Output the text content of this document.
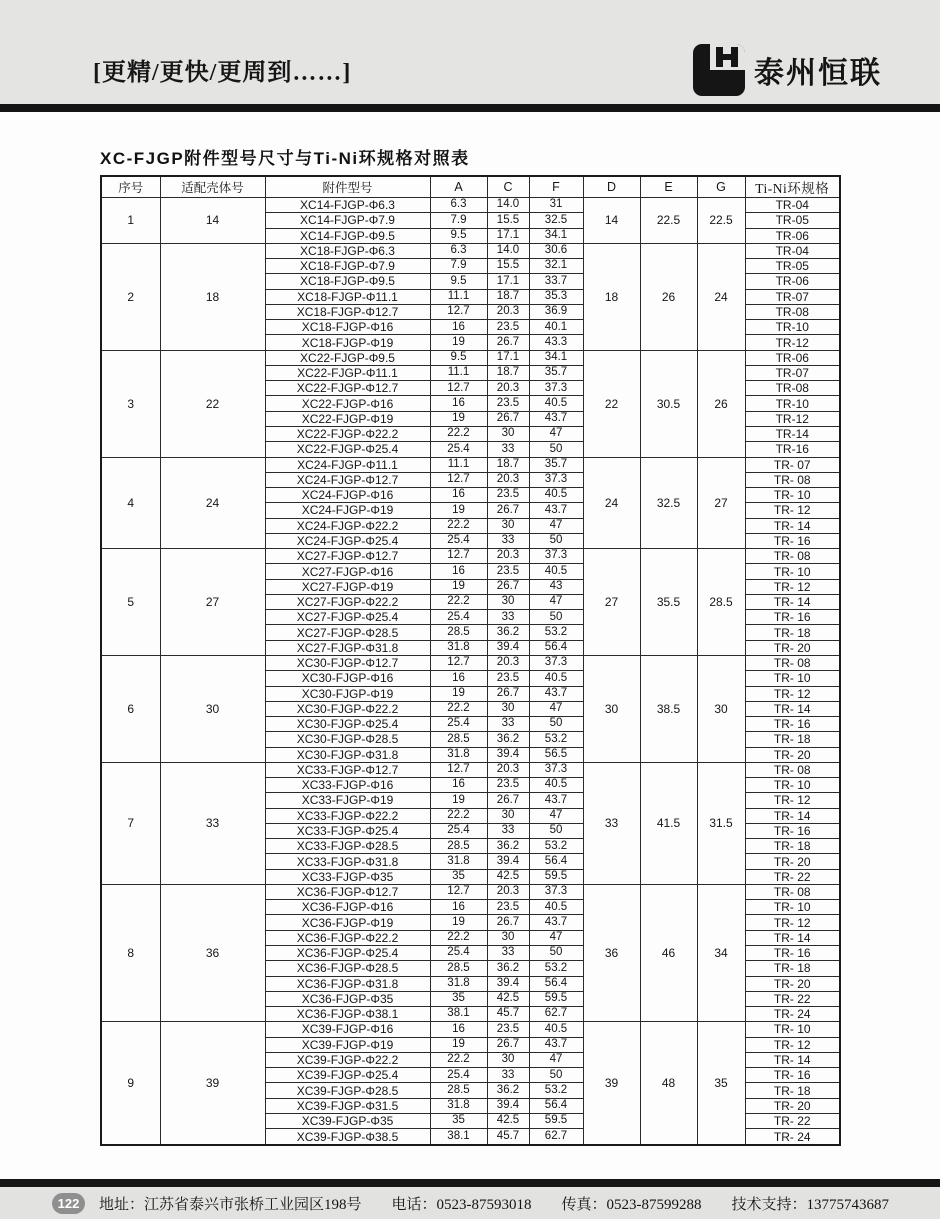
[更精/更快/更周到……]	泰州恒联
XC-FJGP附件型号尺寸与Ti-Ni环规格对照表
序号	适配壳体号	附件型号	A	C	F	D	E	G	Ti-Ni环规格
1	14	XC14-FJGP-Φ6.3	6.3	14.0	31	14	22.5	22.5	TR-04
		XC14-FJGP-Φ7.9	7.9	15.5	32.5				TR-05
		XC14-FJGP-Φ9.5	9.5	17.1	34.1				TR-06
2	18	XC18-FJGP-Φ6.3	6.3	14.0	30.6	18	26	24	TR-04
		XC18-FJGP-Φ7.9	7.9	15.5	32.1				TR-05
		XC18-FJGP-Φ9.5	9.5	17.1	33.7				TR-06
		XC18-FJGP-Φ11.1	11.1	18.7	35.3				TR-07
		XC18-FJGP-Φ12.7	12.7	20.3	36.9				TR-08
		XC18-FJGP-Φ16	16	23.5	40.1				TR-10
		XC18-FJGP-Φ19	19	26.7	43.3				TR-12
3	22	XC22-FJGP-Φ9.5	9.5	17.1	34.1	22	30.5	26	TR-06
		XC22-FJGP-Φ11.1	11.1	18.7	35.7				TR-07
		XC22-FJGP-Φ12.7	12.7	20.3	37.3				TR-08
		XC22-FJGP-Φ16	16	23.5	40.5				TR-10
		XC22-FJGP-Φ19	19	26.7	43.7				TR-12
		XC22-FJGP-Φ22.2	22.2	30	47				TR-14
		XC22-FJGP-Φ25.4	25.4	33	50				TR-16
4	24	XC24-FJGP-Φ11.1	11.1	18.7	35.7	24	32.5	27	TR- 07
		XC24-FJGP-Φ12.7	12.7	20.3	37.3				TR- 08
		XC24-FJGP-Φ16	16	23.5	40.5				TR- 10
		XC24-FJGP-Φ19	19	26.7	43.7				TR- 12
		XC24-FJGP-Φ22.2	22.2	30	47				TR- 14
		XC24-FJGP-Φ25.4	25.4	33	50				TR- 16
5	27	XC27-FJGP-Φ12.7	12.7	20.3	37.3	27	35.5	28.5	TR- 08
		XC27-FJGP-Φ16	16	23.5	40.5				TR- 10
		XC27-FJGP-Φ19	19	26.7	43				TR- 12
		XC27-FJGP-Φ22.2	22.2	30	47				TR- 14
		XC27-FJGP-Φ25.4	25.4	33	50				TR- 16
		XC27-FJGP-Φ28.5	28.5	36.2	53.2				TR- 18
		XC27-FJGP-Φ31.8	31.8	39.4	56.4				TR- 20
6	30	XC30-FJGP-Φ12.7	12.7	20.3	37.3	30	38.5	30	TR- 08
		XC30-FJGP-Φ16	16	23.5	40.5				TR- 10
		XC30-FJGP-Φ19	19	26.7	43.7				TR- 12
		XC30-FJGP-Φ22.2	22.2	30	47				TR- 14
		XC30-FJGP-Φ25.4	25.4	33	50				TR- 16
		XC30-FJGP-Φ28.5	28.5	36.2	53.2				TR- 18
		XC30-FJGP-Φ31.8	31.8	39.4	56.5				TR- 20
7	33	XC33-FJGP-Φ12.7	12.7	20.3	37.3	33	41.5	31.5	TR- 08
		XC33-FJGP-Φ16	16	23.5	40.5				TR- 10
		XC33-FJGP-Φ19	19	26.7	43.7				TR- 12
		XC33-FJGP-Φ22.2	22.2	30	47				TR- 14
		XC33-FJGP-Φ25.4	25.4	33	50				TR- 16
		XC33-FJGP-Φ28.5	28.5	36.2	53.2				TR- 18
		XC33-FJGP-Φ31.8	31.8	39.4	56.4				TR- 20
		XC33-FJGP-Φ35	35	42.5	59.5				TR- 22
8	36	XC36-FJGP-Φ12.7	12.7	20.3	37.3	36	46	34	TR- 08
		XC36-FJGP-Φ16	16	23.5	40.5				TR- 10
		XC36-FJGP-Φ19	19	26.7	43.7				TR- 12
		XC36-FJGP-Φ22.2	22.2	30	47				TR- 14
		XC36-FJGP-Φ25.4	25.4	33	50				TR- 16
		XC36-FJGP-Φ28.5	28.5	36.2	53.2				TR- 18
		XC36-FJGP-Φ31.8	31.8	39.4	56.4				TR- 20
		XC36-FJGP-Φ35	35	42.5	59.5				TR- 22
		XC36-FJGP-Φ38.1	38.1	45.7	62.7				TR- 24
9	39	XC39-FJGP-Φ16	16	23.5	40.5	39	48	35	TR- 10
		XC39-FJGP-Φ19	19	26.7	43.7				TR- 12
		XC39-FJGP-Φ22.2	22.2	30	47				TR- 14
		XC39-FJGP-Φ25.4	25.4	33	50				TR- 16
		XC39-FJGP-Φ28.5	28.5	36.2	53.2				TR- 18
		XC39-FJGP-Φ31.5	31.8	39.4	56.4				TR- 20
		XC39-FJGP-Φ35	35	42.5	59.5				TR- 22
		XC39-FJGP-Φ38.5	38.1	45.7	62.7				TR- 24
122	地址：江苏省泰兴市张桥工业园区198号 电话：0523-87593018 传真：0523-87599288 技术支持：13775743687
